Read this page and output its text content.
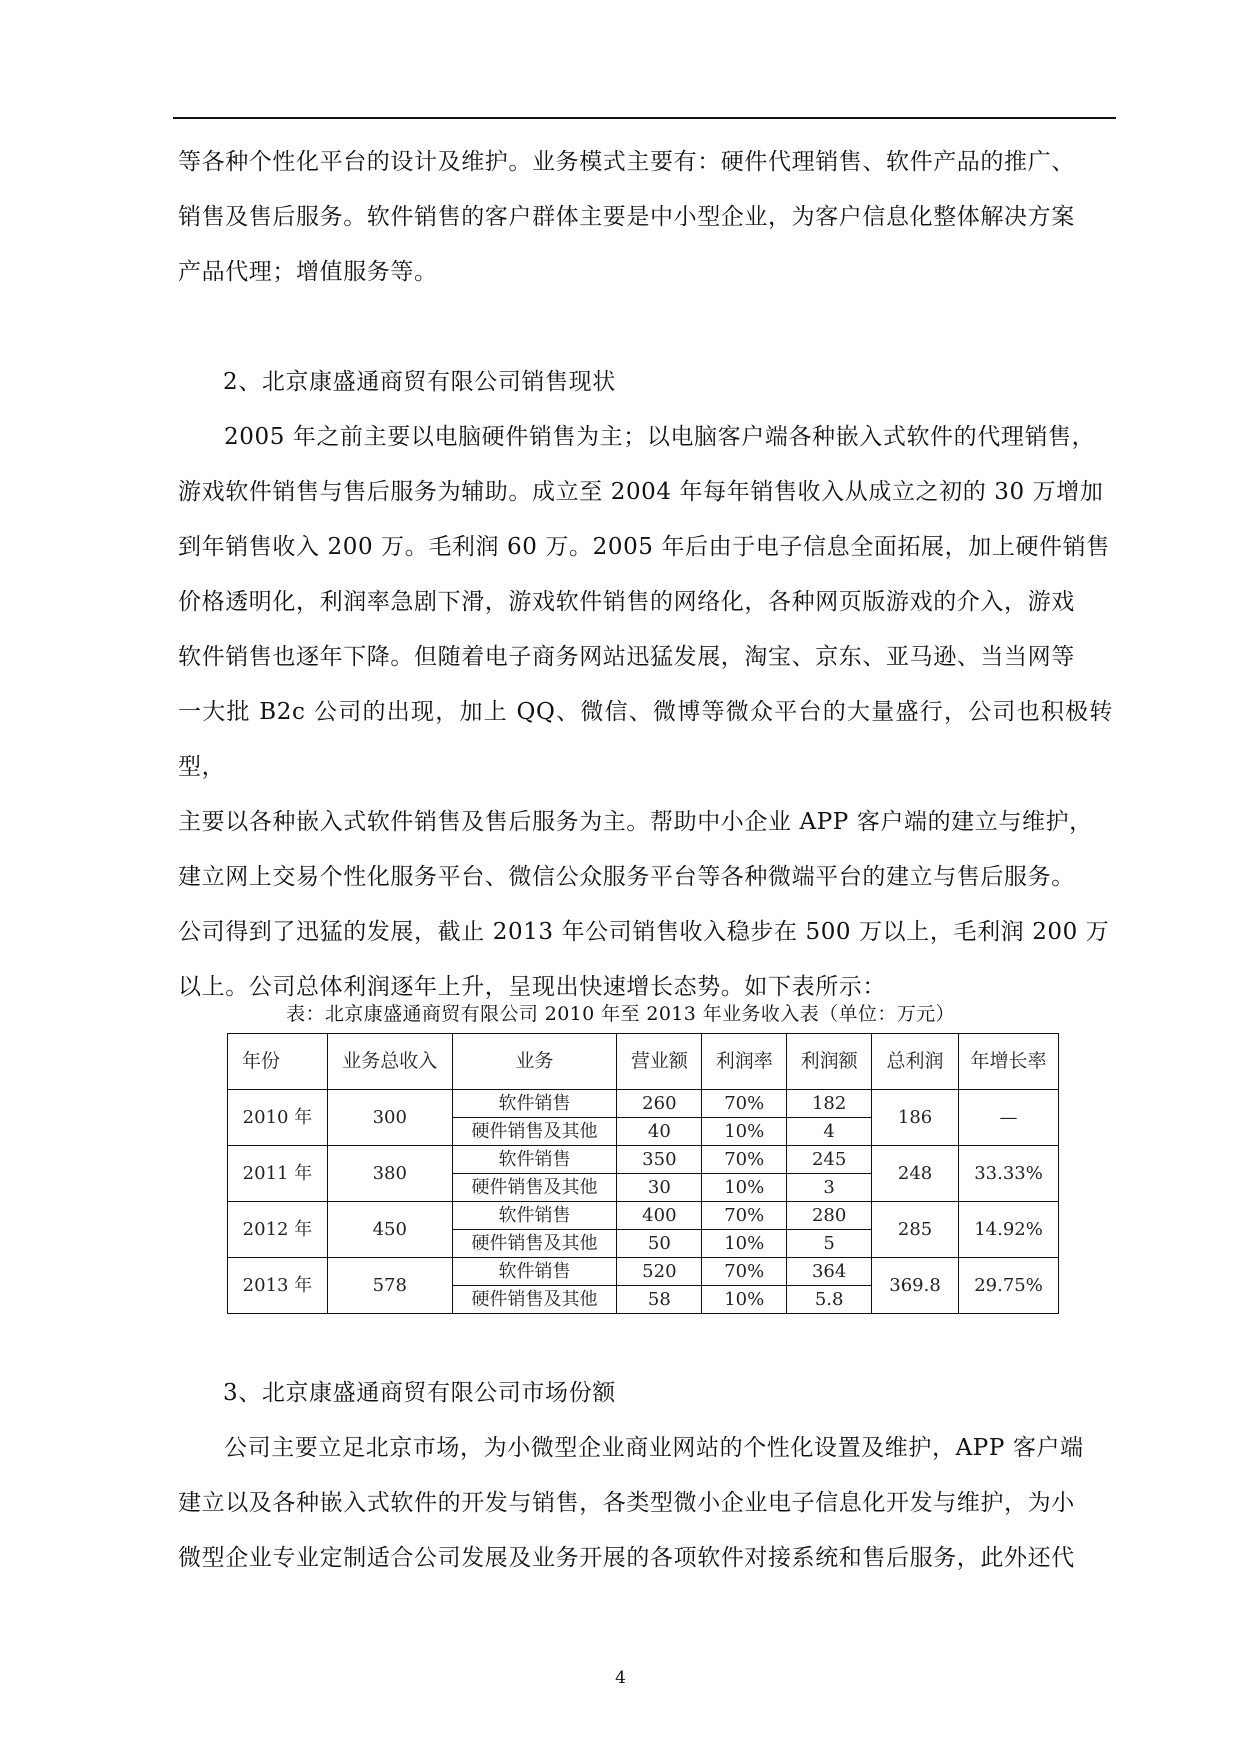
等各种个性化平台的设计及维护。业务模式主要有：硬件代理销售、软件产品的推广、

销售及售后服务。软件销售的客户群体主要是中小型企业，为客户信息化整体解决方案

产品代理；增值服务等。

2、北京康盛通商贸有限公司销售现状

2005 年之前主要以电脑硬件销售为主；以电脑客户端各种嵌入式软件的代理销售，

游戏软件销售与售后服务为辅助。成立至 2004 年每年销售收入从成立之初的 30 万增加

到年销售收入 200 万。毛利润 60 万。2005 年后由于电子信息全面拓展，加上硬件销售

价格透明化，利润率急剧下滑，游戏软件销售的网络化，各种网页版游戏的介入，游戏

软件销售也逐年下降。但随着电子商务网站迅猛发展，淘宝、京东、亚马逊、当当网等

一大批 B2c 公司的出现，加上 QQ、微信、微博等微众平台的大量盛行，公司也积极转型，

主要以各种嵌入式软件销售及售后服务为主。帮助中小企业 APP 客户端的建立与维护，

建立网上交易个性化服务平台、微信公众服务平台等各种微端平台的建立与售后服务。

公司得到了迅猛的发展，截止 2013 年公司销售收入稳步在 500 万以上，毛利润 200 万

以上。公司总体利润逐年上升，呈现出快速增长态势。如下表所示：

表：北京康盛通商贸有限公司 2010 年至 2013 年业务收入表（单位：万元）

年份	业务总收入	业务	营业额	利润率	利润额	总利润	年增长率
2010 年	300	软件销售	260	70%	182	186	—
		硬件销售及其他	40	10%	4		
2011 年	380	软件销售	350	70%	245	248	33.33%
		硬件销售及其他	30	10%	3		
2012 年	450	软件销售	400	70%	280	285	14.92%
		硬件销售及其他	50	10%	5		
2013 年	578	软件销售	520	70%	364	369.8	29.75%
		硬件销售及其他	58	10%	5.8		

3、北京康盛通商贸有限公司市场份额

公司主要立足北京市场，为小微型企业商业网站的个性化设置及维护，APP 客户端

建立以及各种嵌入式软件的开发与销售，各类型微小企业电子信息化开发与维护，为小

微型企业专业定制适合公司发展及业务开展的各项软件对接系统和售后服务，此外还代

4
